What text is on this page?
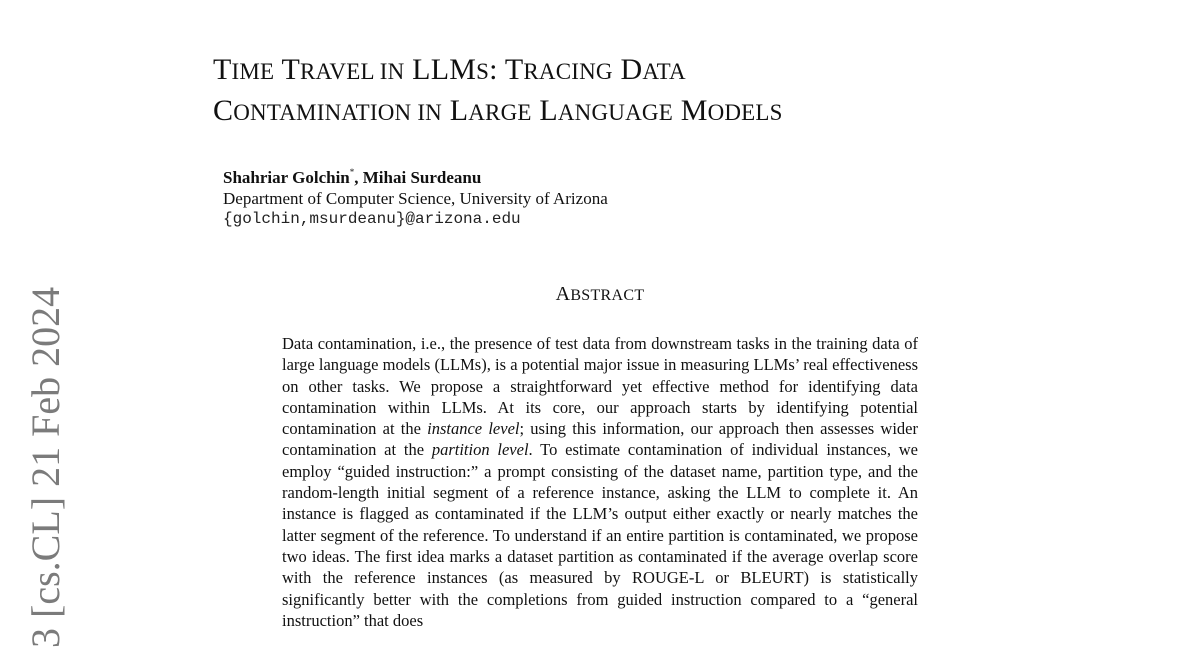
TIME TRAVEL IN LLMS: TRACING DATA
CONTAMINATION IN LARGE LANGUAGE MODELS
Shahriar Golchin*, Mihai Surdeanu
Department of Computer Science, University of Arizona
{golchin,msurdeanu}@arizona.edu
3 [cs.CL] 21 Feb 2024	ABSTRACT

Data contamination, i.e., the presence of test data from downstream tasks in the training data of large language models (LLMs), is a potential major issue in measuring LLMs’ real effectiveness on other tasks. We propose a straightforward yet effective method for identifying data contamination within LLMs. At its core, our approach starts by identifying potential contamination at the instance level; using this information, our approach then assesses wider contamination at the partition level. To estimate contamination of individual instances, we employ “guided instruction:” a prompt consisting of the dataset name, partition type, and the random-length initial segment of a reference instance, asking the LLM to complete it. An instance is flagged as contaminated if the LLM’s output either exactly or nearly matches the latter segment of the reference. To understand if an entire partition is contaminated, we propose two ideas. The first idea marks a dataset partition as contaminated if the average overlap score with the reference instances (as measured by ROUGE-L or BLEURT) is statistically significantly better with the completions from guided instruction compared to a “general instruction” that does
